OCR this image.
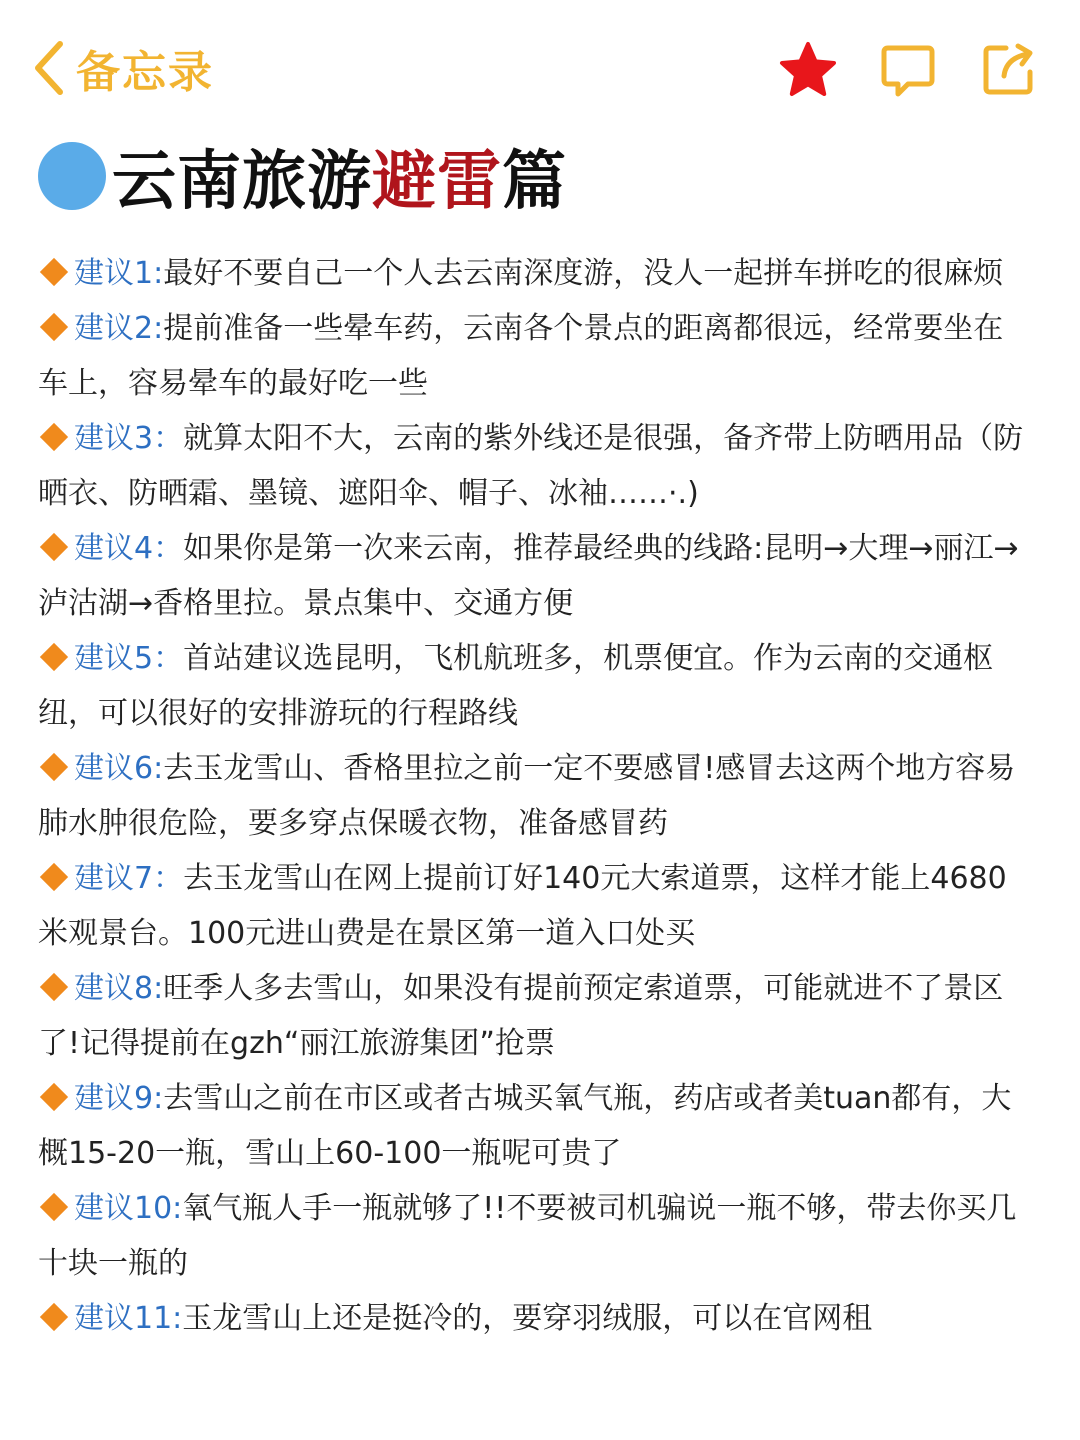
备忘录
云南旅游避雷篇
建议1:最好不要自己一个人去云南深度游，没人一起拼车拼吃的很麻烦
建议2:提前准备一些晕车药，云南各个景点的距离都很远，经常要坐在车上，容易晕车的最好吃一些
建议3：就算太阳不大，云南的紫外线还是很强，备齐带上防晒用品（防晒衣、防晒霜、墨镜、遮阳伞、帽子、冰袖……·.)
建议4：如果你是第一次来云南，推荐最经典的线路:昆明→大理→丽江→泸沽湖→香格里拉。景点集中、交通方便
建议5：首站建议选昆明，飞机航班多，机票便宜。作为云南的交通枢纽，可以很好的安排游玩的行程路线
建议6:去玉龙雪山、香格里拉之前一定不要感冒!感冒去这两个地方容易肺水肿很危险，要多穿点保暖衣物，准备感冒药
建议7：去玉龙雪山在网上提前订好140元大索道票，这样才能上4680米观景台。100元进山费是在景区第一道入口处买
建议8:旺季人多去雪山，如果没有提前预定索道票，可能就进不了景区了!记得提前在gzh“丽江旅游集团”抢票
建议9:去雪山之前在市区或者古城买氧气瓶，药店或者美tuan都有，大概15-20一瓶，雪山上60-100一瓶呢可贵了
建议10:氧气瓶人手一瓶就够了!!不要被司机骗说一瓶不够，带去你买几十块一瓶的
建议11:玉龙雪山上还是挺冷的，要穿羽绒服，可以在官网租
